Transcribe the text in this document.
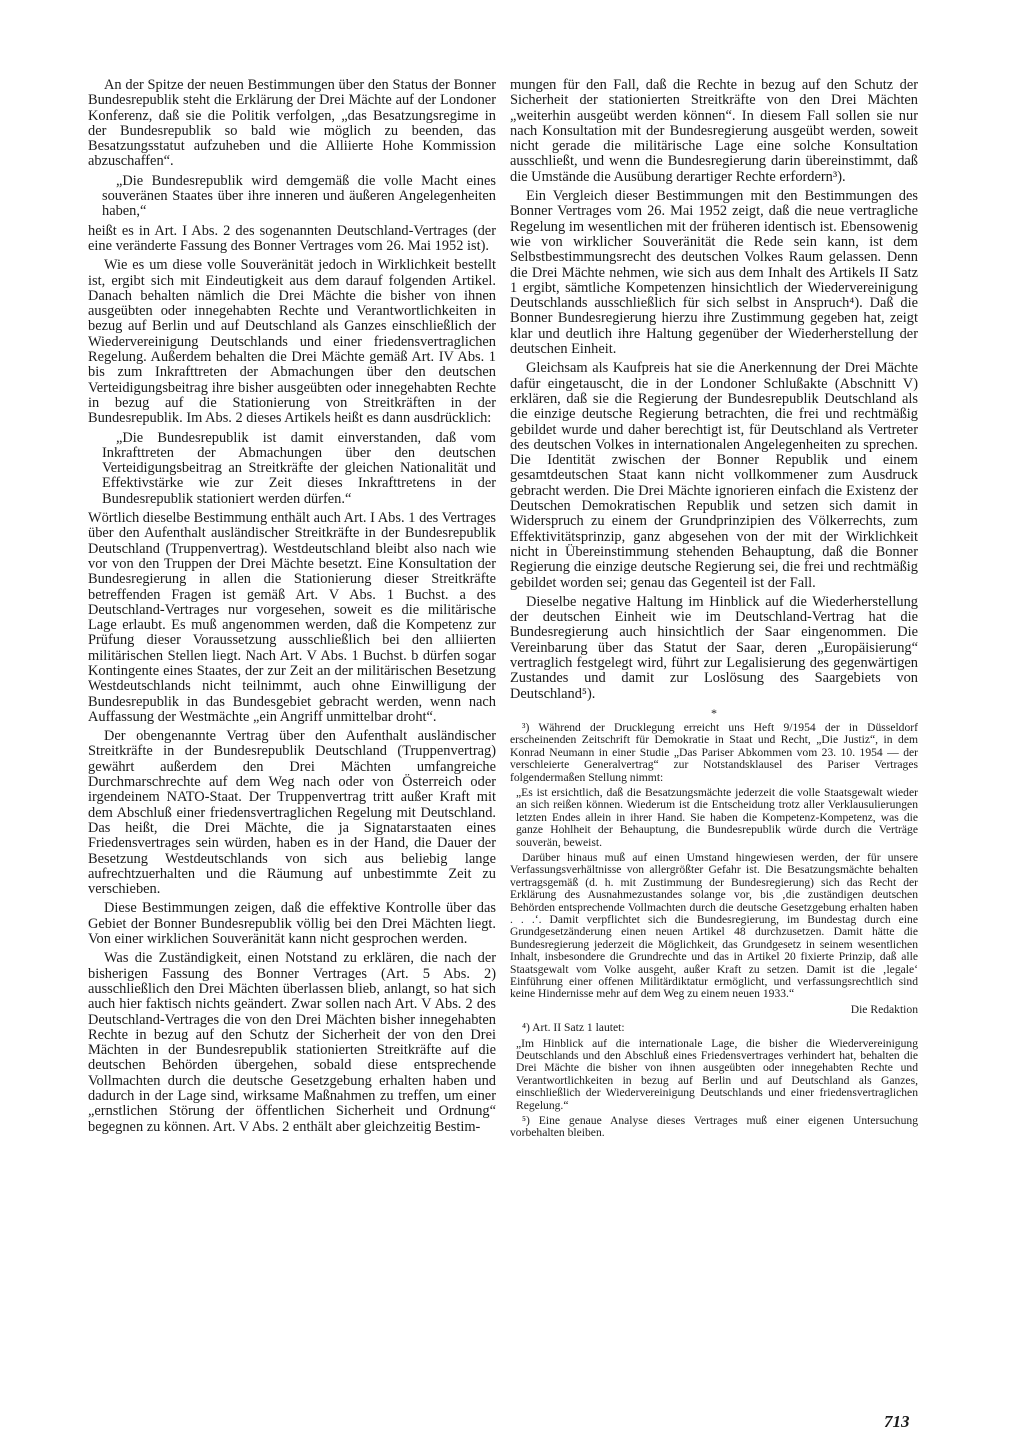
An der Spitze der neuen Bestimmungen über den Status der Bonner Bundesrepublik steht die Erklärung der Drei Mächte auf der Londoner Konferenz, daß sie die Politik verfolgen, „das Besatzungsregime in der Bundesrepublik so bald wie möglich zu beenden, das Besatzungsstatut aufzuheben und die Alliierte Hohe Kommission abzuschaffen“.

„Die Bundesrepublik wird demgemäß die volle Macht eines souveränen Staates über ihre inneren und äußeren Angelegenheiten haben,“

heißt es in Art. I Abs. 2 des sogenannten Deutschland-Vertrages (der eine veränderte Fassung des Bonner Vertrages vom 26. Mai 1952 ist).

Wie es um diese volle Souveränität jedoch in Wirklichkeit bestellt ist, ergibt sich mit Eindeutigkeit aus dem darauf folgenden Artikel. Danach behalten nämlich die Drei Mächte die bisher von ihnen ausgeübten oder innegehabten Rechte und Verantwortlichkeiten in bezug auf Berlin und auf Deutschland als Ganzes einschließlich der Wiedervereinigung Deutschlands und einer friedensvertraglichen Regelung. Außerdem behalten die Drei Mächte gemäß Art. IV Abs. 1 bis zum Inkrafttreten der Abmachungen über den deutschen Verteidigungsbeitrag ihre bisher ausgeübten oder innegehabten Rechte in bezug auf die Stationierung von Streitkräften in der Bundesrepublik. Im Abs. 2 dieses Artikels heißt es dann ausdrücklich:

„Die Bundesrepublik ist damit einverstanden, daß vom Inkrafttreten der Abmachungen über den deutschen Verteidigungsbeitrag an Streitkräfte der gleichen Nationalität und Effektivstärke wie zur Zeit dieses Inkrafttretens in der Bundesrepublik stationiert werden dürfen.“

Wörtlich dieselbe Bestimmung enthält auch Art. I Abs. 1 des Vertrages über den Aufenthalt ausländischer Streitkräfte in der Bundesrepublik Deutschland (Truppenvertrag). Westdeutschland bleibt also nach wie vor von den Truppen der Drei Mächte besetzt. Eine Konsultation der Bundesregierung in allen die Stationierung dieser Streitkräfte betreffenden Fragen ist gemäß Art. V Abs. 1 Buchst. a des Deutschland-Vertrages nur vorgesehen, soweit es die militärische Lage erlaubt. Es muß angenommen werden, daß die Kompetenz zur Prüfung dieser Voraussetzung ausschließlich bei den alliierten militärischen Stellen liegt. Nach Art. V Abs. 1 Buchst. b dürfen sogar Kontingente eines Staates, der zur Zeit an der militärischen Besetzung Westdeutschlands nicht teilnimmt, auch ohne Einwilligung der Bundesrepublik in das Bundesgebiet gebracht werden, wenn nach Auffassung der Westmächte „ein Angriff unmittelbar droht“.

Der obengenannte Vertrag über den Aufenthalt ausländischer Streitkräfte in der Bundesrepublik Deutschland (Truppenvertrag) gewährt außerdem den Drei Mächten umfangreiche Durchmarschrechte auf dem Weg nach oder von Österreich oder irgendeinem NATO-Staat. Der Truppenvertrag tritt außer Kraft mit dem Abschluß einer friedensvertraglichen Regelung mit Deutschland. Das heißt, die Drei Mächte, die ja Signatarstaaten eines Friedensvertrages sein würden, haben es in der Hand, die Dauer der Besetzung Westdeutschlands von sich aus beliebig lange aufrechtzuerhalten und die Räumung auf unbestimmte Zeit zu verschieben.

Diese Bestimmungen zeigen, daß die effektive Kontrolle über das Gebiet der Bonner Bundesrepublik völlig bei den Drei Mächten liegt. Von einer wirklichen Souveränität kann nicht gesprochen werden.

Was die Zuständigkeit, einen Notstand zu erklären, die nach der bisherigen Fassung des Bonner Vertrages (Art. 5 Abs. 2) ausschließlich den Drei Mächten überlassen blieb, anlangt, so hat sich auch hier faktisch nichts geändert. Zwar sollen nach Art. V Abs. 2 des Deutschland-Vertrages die von den Drei Mächten bisher innegehabten Rechte in bezug auf den Schutz der Sicherheit der von den Drei Mächten in der Bundesrepublik stationierten Streitkräfte auf die deutschen Behörden übergehen, sobald diese entsprechende Vollmachten durch die deutsche Gesetzgebung erhalten haben und dadurch in der Lage sind, wirksame Maßnahmen zu treffen, um einer „ernstlichen Störung der öffentlichen Sicherheit und Ordnung“ begegnen zu können. Art. V Abs. 2 enthält aber gleichzeitig Bestim-

mungen für den Fall, daß die Rechte in bezug auf den Schutz der Sicherheit der stationierten Streitkräfte von den Drei Mächten „weiterhin ausgeübt werden können“. In diesem Fall sollen sie nur nach Konsultation mit der Bundesregierung ausgeübt werden, soweit nicht gerade die militärische Lage eine solche Konsultation ausschließt, und wenn die Bundesregierung darin übereinstimmt, daß die Umstände die Ausübung derartiger Rechte erfordern³).

Ein Vergleich dieser Bestimmungen mit den Bestimmungen des Bonner Vertrages vom 26. Mai 1952 zeigt, daß die neue vertragliche Regelung im wesentlichen mit der früheren identisch ist. Ebensowenig wie von wirklicher Souveränität die Rede sein kann, ist dem Selbstbestimmungsrecht des deutschen Volkes Raum gelassen. Denn die Drei Mächte nehmen, wie sich aus dem Inhalt des Artikels II Satz 1 ergibt, sämtliche Kompetenzen hinsichtlich der Wiedervereinigung Deutschlands ausschließlich für sich selbst in Anspruch⁴). Daß die Bonner Bundesregierung hierzu ihre Zustimmung gegeben hat, zeigt klar und deutlich ihre Haltung gegenüber der Wiederherstellung der deutschen Einheit.

Gleichsam als Kaufpreis hat sie die Anerkennung der Drei Mächte dafür eingetauscht, die in der Londoner Schlußakte (Abschnitt V) erklären, daß sie die Regierung der Bundesrepublik Deutschland als die einzige deutsche Regierung betrachten, die frei und rechtmäßig gebildet wurde und daher berechtigt ist, für Deutschland als Vertreter des deutschen Volkes in internationalen Angelegenheiten zu sprechen. Die Identität zwischen der Bonner Republik und einem gesamtdeutschen Staat kann nicht vollkommener zum Ausdruck gebracht werden. Die Drei Mächte ignorieren einfach die Existenz der Deutschen Demokratischen Republik und setzen sich damit in Widerspruch zu einem der Grundprinzipien des Völkerrechts, zum Effektivitätsprinzip, ganz abgesehen von der mit der Wirklichkeit nicht in Übereinstimmung stehenden Behauptung, daß die Bonner Regierung die einzige deutsche Regierung sei, die frei und rechtmäßig gebildet worden sei; genau das Gegenteil ist der Fall.

Dieselbe negative Haltung im Hinblick auf die Wiederherstellung der deutschen Einheit wie im Deutschland-Vertrag hat die Bundesregierung auch hinsichtlich der Saar eingenommen. Die Vereinbarung über das Statut der Saar, deren „Europäisierung“ vertraglich festgelegt wird, führt zur Legalisierung des gegenwärtigen Zustandes und damit zur Loslösung des Saargebiets von Deutschland⁵).

*

³) Während der Drucklegung erreicht uns Heft 9/1954 der in Düsseldorf erscheinenden Zeitschrift für Demokratie in Staat und Recht, „Die Justiz“, in dem Konrad Neumann in einer Studie „Das Pariser Abkommen vom 23. 10. 1954 — der verschleierte Generalvertrag“ zur Notstandsklausel des Pariser Vertrages folgendermaßen Stellung nimmt:

„Es ist ersichtlich, daß die Besatzungsmächte jederzeit die volle Staatsgewalt wieder an sich reißen können. Wiederum ist die Entscheidung trotz aller Verklausulierungen letzten Endes allein in ihrer Hand. Sie haben die Kompetenz-Kompetenz, was die ganze Hohlheit der Behauptung, die Bundesrepublik würde durch die Verträge souverän, beweist.

Darüber hinaus muß auf einen Umstand hingewiesen werden, der für unsere Verfassungsverhältnisse von allergrößter Gefahr ist. Die Besatzungsmächte behalten vertragsgemäß (d. h. mit Zustimmung der Bundesregierung) sich das Recht der Erklärung des Ausnahmezustandes solange vor, bis ‚die zuständigen deutschen Behörden entsprechende Vollmachten durch die deutsche Gesetzgebung erhalten haben . . .‘. Damit verpflichtet sich die Bundesregierung, im Bundestag durch eine Grundgesetzänderung einen neuen Artikel 48 durchzusetzen. Damit hätte die Bundesregierung jederzeit die Möglichkeit, das Grundgesetz in seinem wesentlichen Inhalt, insbesondere die Grundrechte und das in Artikel 20 fixierte Prinzip, daß alle Staatsgewalt vom Volke ausgeht, außer Kraft zu setzen. Damit ist die ‚legale‘ Einführung einer offenen Militärdiktatur ermöglicht, und verfassungsrechtlich sind keine Hindernisse mehr auf dem Weg zu einem neuen 1933.“

Die Redaktion

⁴) Art. II Satz 1 lautet:

„Im Hinblick auf die internationale Lage, die bisher die Wiedervereinigung Deutschlands und den Abschluß eines Friedensvertrages verhindert hat, behalten die Drei Mächte die bisher von ihnen ausgeübten oder innegehabten Rechte und Verantwortlichkeiten in bezug auf Berlin und auf Deutschland als Ganzes, einschließlich der Wiedervereinigung Deutschlands und einer friedensvertraglichen Regelung.“

⁵) Eine genaue Analyse dieses Vertrages muß einer eigenen Untersuchung vorbehalten bleiben.

713
